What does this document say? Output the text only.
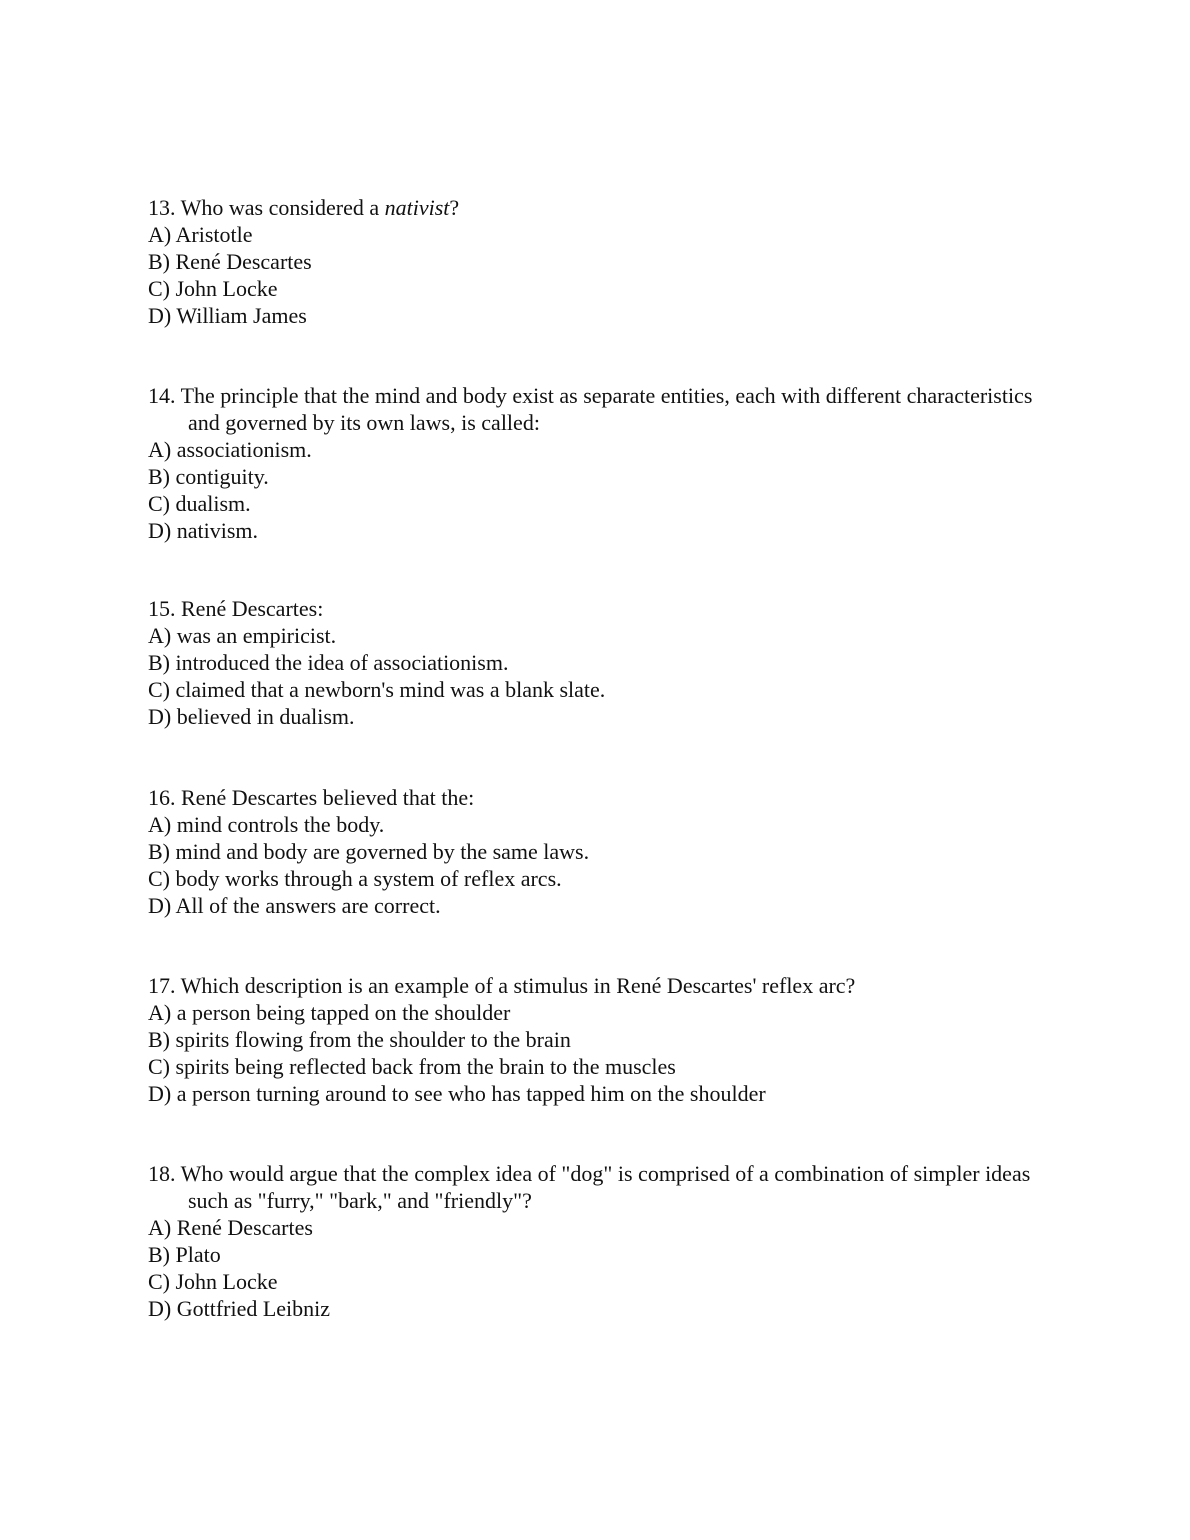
13. Who was considered a nativist?
A) Aristotle
B) René Descartes
C) John Locke
D) William James
14. The principle that the mind and body exist as separate entities, each with different characteristics and governed by its own laws, is called:
A) associationism.
B) contiguity.
C) dualism.
D) nativism.
15. René Descartes:
A) was an empiricist.
B) introduced the idea of associationism.
C) claimed that a newborn's mind was a blank slate.
D) believed in dualism.
16. René Descartes believed that the:
A) mind controls the body.
B) mind and body are governed by the same laws.
C) body works through a system of reflex arcs.
D) All of the answers are correct.
17. Which description is an example of a stimulus in René Descartes' reflex arc?
A) a person being tapped on the shoulder
B) spirits flowing from the shoulder to the brain
C) spirits being reflected back from the brain to the muscles
D) a person turning around to see who has tapped him on the shoulder
18. Who would argue that the complex idea of "dog" is comprised of a combination of simpler ideas such as "furry," "bark," and "friendly"?
A) René Descartes
B) Plato
C) John Locke
D) Gottfried Leibniz
